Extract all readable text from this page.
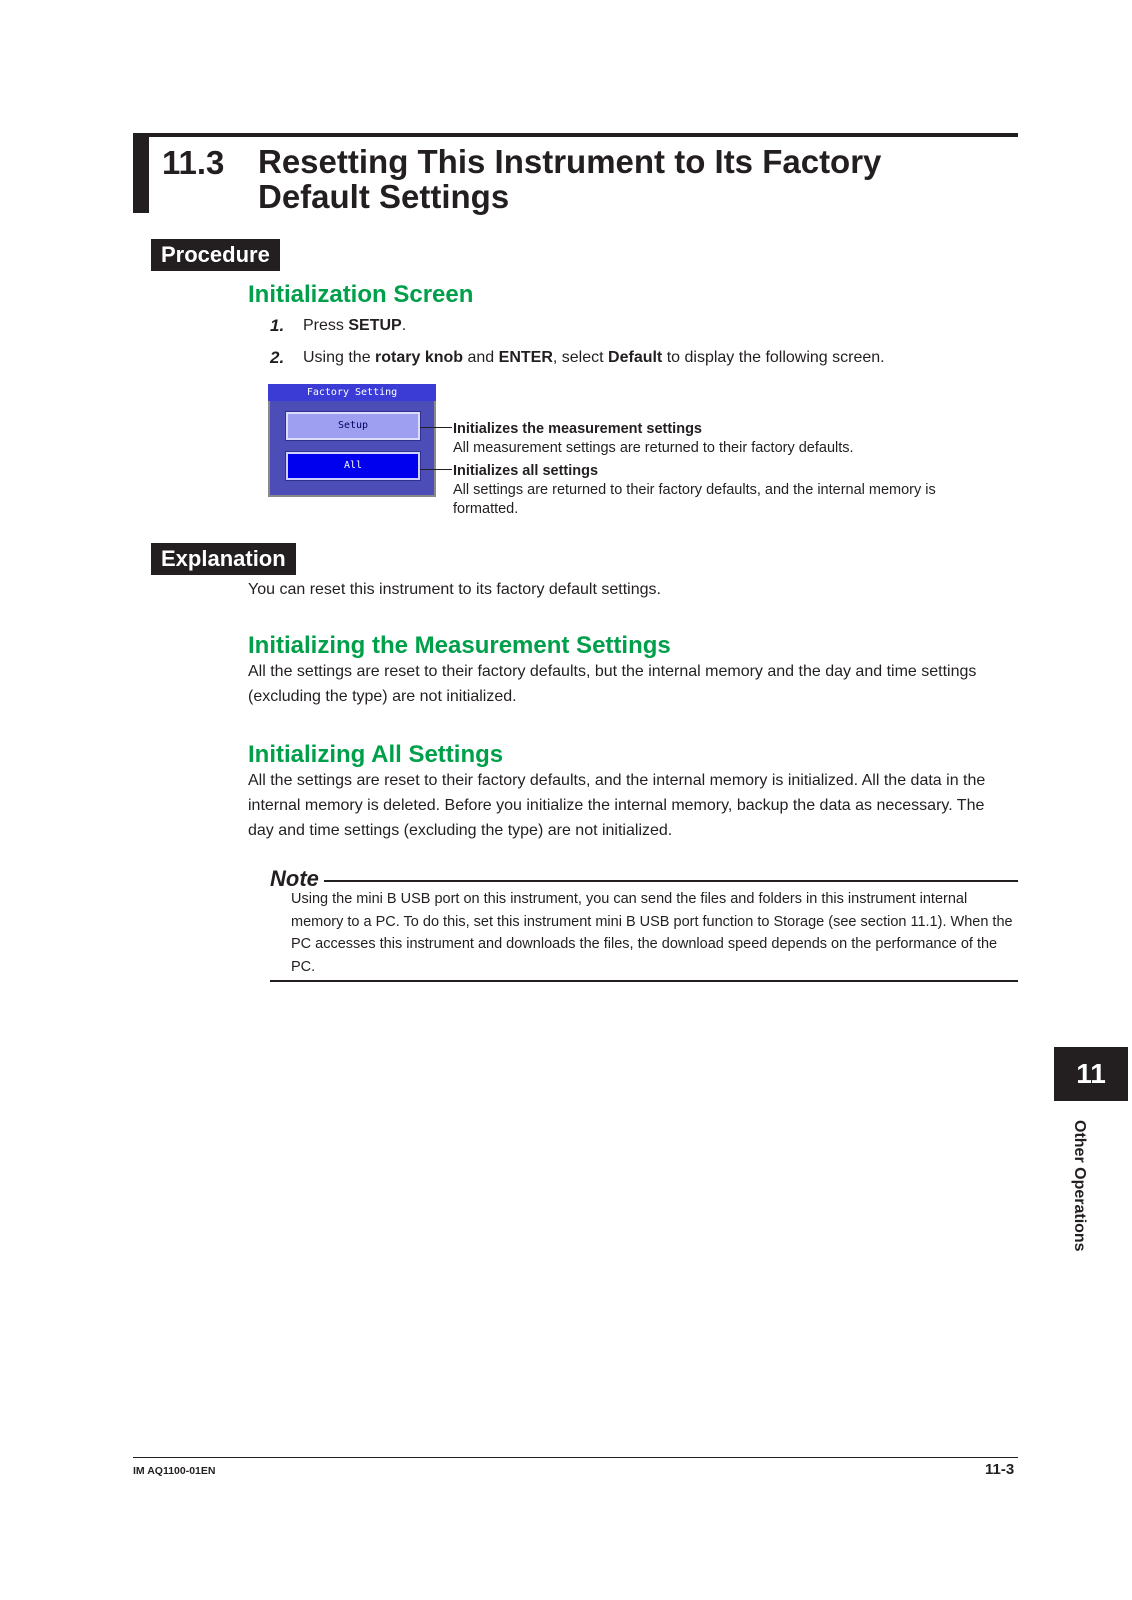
11.3 Resetting This Instrument to Its Factory Default Settings
Procedure
Initialization Screen
1. Press SETUP.
2. Using the rotary knob and ENTER, select Default to display the following screen.
Factory Setting
Setup
All
Initializes the measurement settings
All measurement settings are returned to their factory defaults.
Initializes all settings
All settings are returned to their factory defaults, and the internal memory is formatted.
Explanation
You can reset this instrument to its factory default settings.
Initializing the Measurement Settings
All the settings are reset to their factory defaults, but the internal memory and the day and time settings (excluding the type) are not initialized.
Initializing All Settings
All the settings are reset to their factory defaults, and the internal memory is initialized. All the data in the internal memory is deleted. Before you initialize the internal memory, backup the data as necessary. The day and time settings (excluding the type) are not initialized.
Note
Using the mini B USB port on this instrument, you can send the files and folders in this instrument internal memory to a PC. To do this, set this instrument mini B USB port function to Storage (see section 11.1). When the PC accesses this instrument and downloads the files, the download speed depends on the performance of the PC.
11
Other Operations
IM AQ1100-01EN	11-3
